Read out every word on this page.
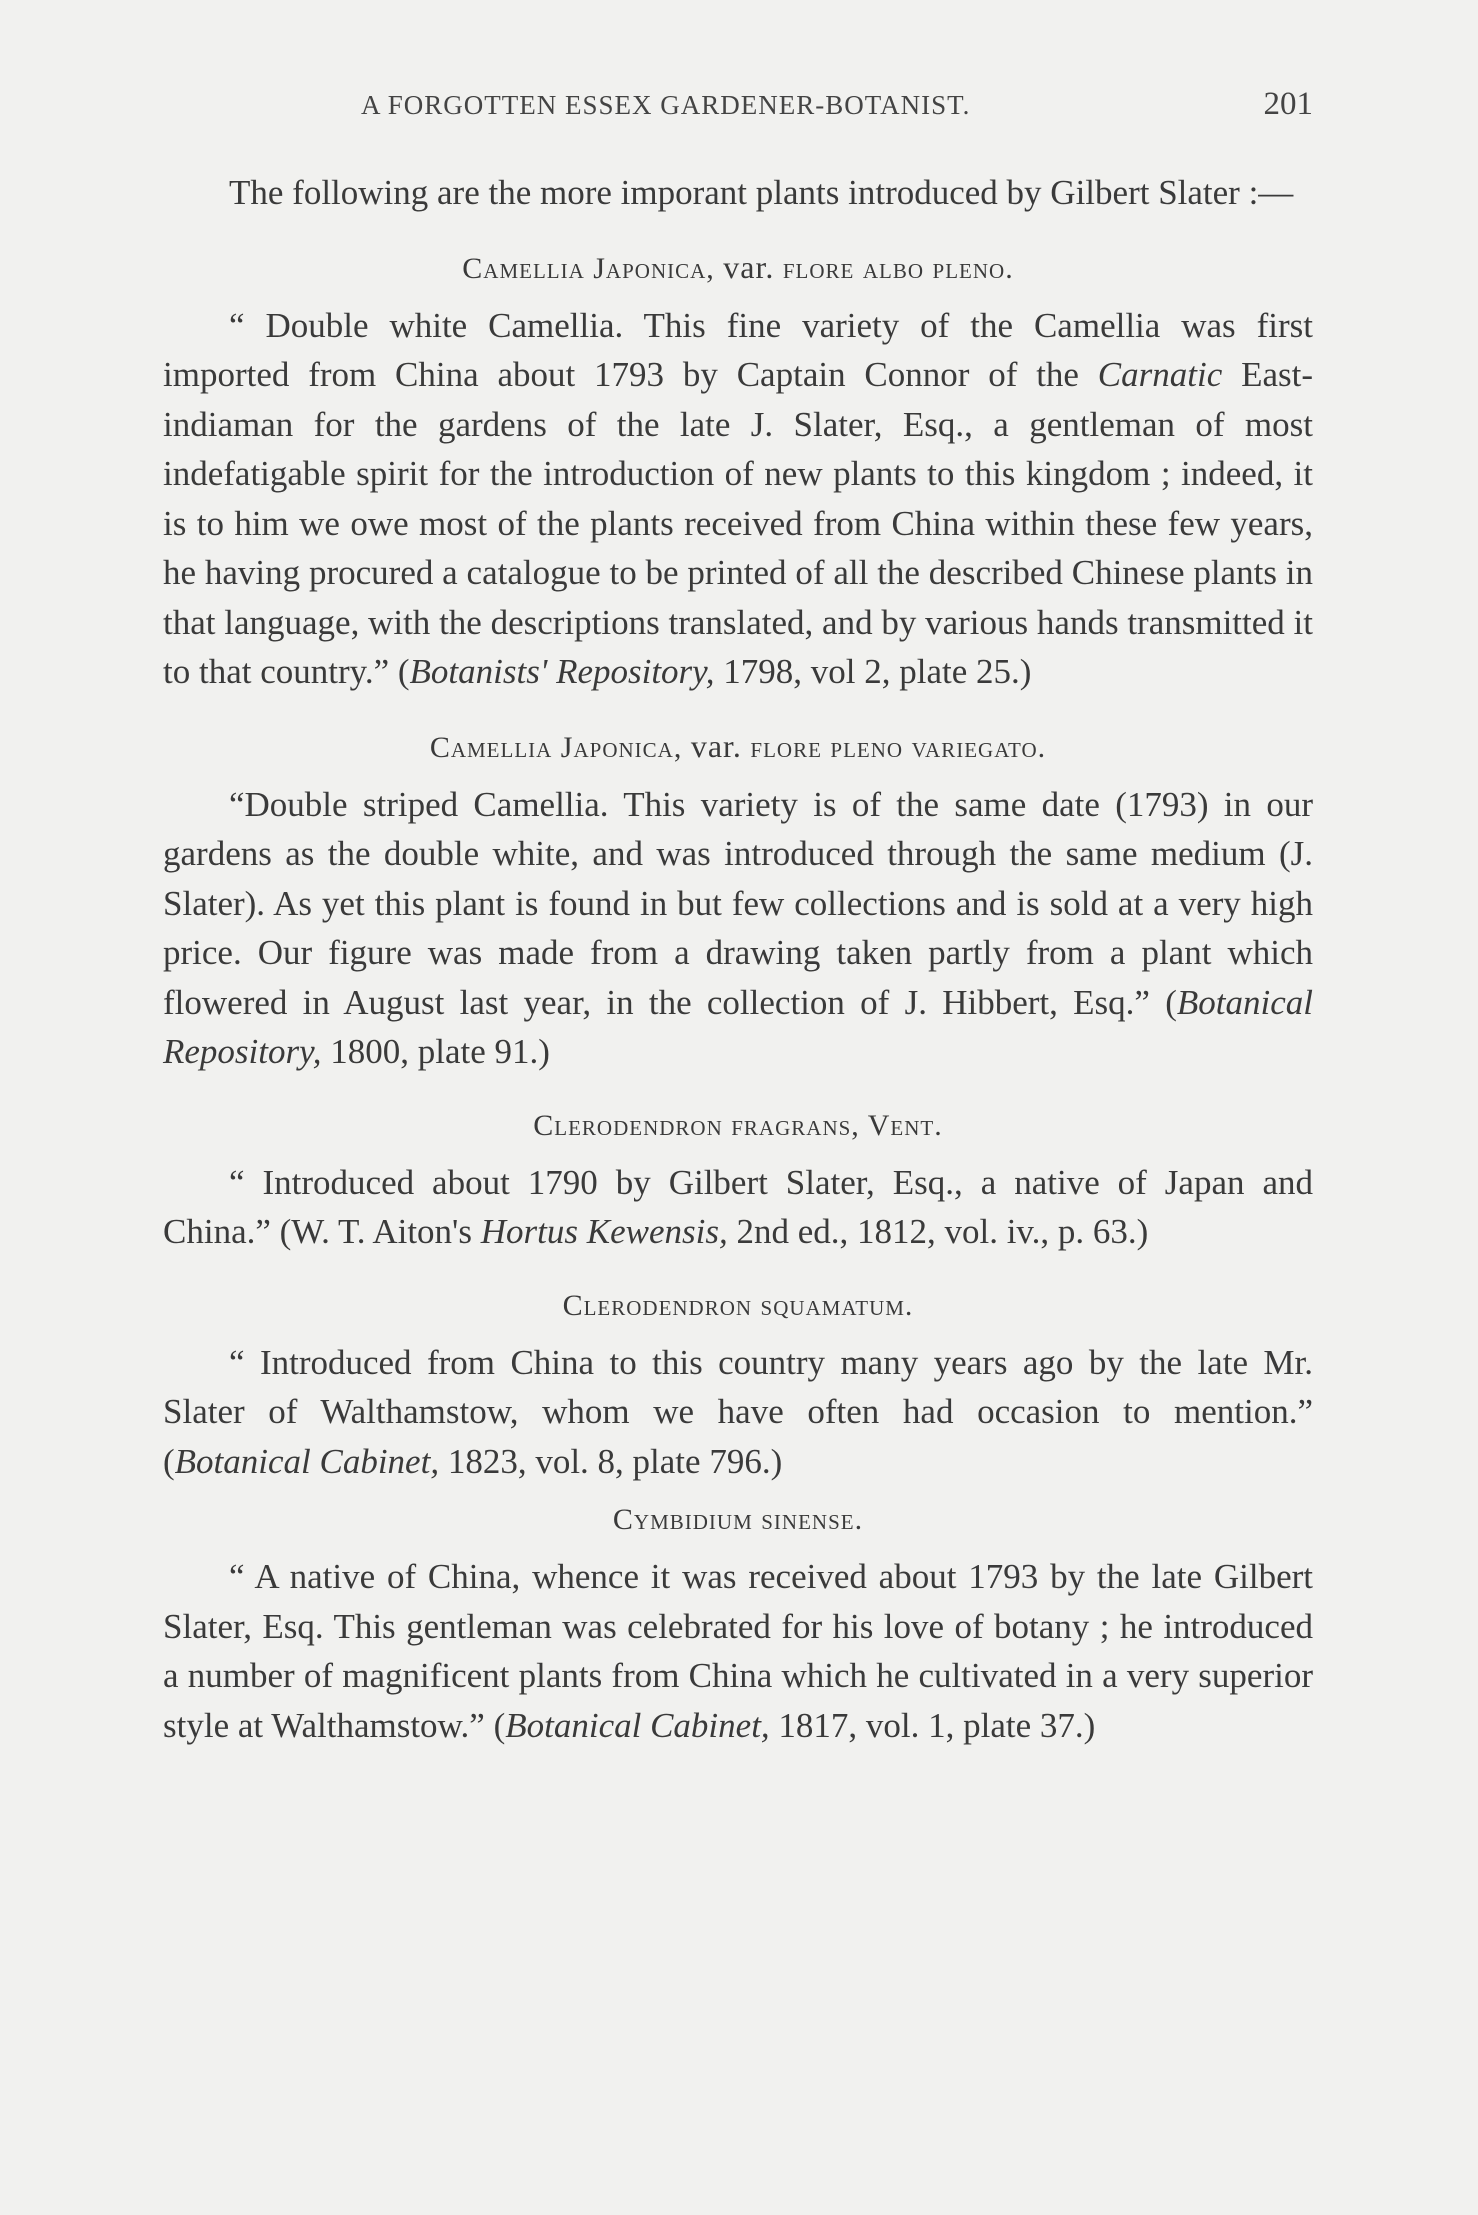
A FORGOTTEN ESSEX GARDENER-BOTANIST.	201

The following are the more imporant plants introduced by Gilbert Slater :—

Camellia Japonica, var. flore albo pleno.

“ Double white Camellia. This fine variety of the Camellia was first imported from China about 1793 by Captain Connor of the Carnatic East-indiaman for the gardens of the late J. Slater, Esq., a gentleman of most indefatigable spirit for the introduction of new plants to this kingdom ; indeed, it is to him we owe most of the plants received from China within these few years, he having procured a catalogue to be printed of all the described Chinese plants in that language, with the descriptions translated, and by various hands transmitted it to that country.” (Botanists' Repository, 1798, vol 2, plate 25.)

Camellia Japonica, var. flore pleno variegato.

“Double striped Camellia. This variety is of the same date (1793) in our gardens as the double white, and was introduced through the same medium (J. Slater). As yet this plant is found in but few collections and is sold at a very high price. Our figure was made from a drawing taken partly from a plant which flowered in August last year, in the collection of J. Hibbert, Esq.” (Botanical Repository, 1800, plate 91.)

Clerodendron fragrans, Vent.

“ Introduced about 1790 by Gilbert Slater, Esq., a native of Japan and China.” (W. T. Aiton's Hortus Kewensis, 2nd ed., 1812, vol. iv., p. 63.)

Clerodendron squamatum.

“ Introduced from China to this country many years ago by the late Mr. Slater of Walthamstow, whom we have often had occasion to mention.” (Botanical Cabinet, 1823, vol. 8, plate 796.)

Cymbidium sinense.

“ A native of China, whence it was received about 1793 by the late Gilbert Slater, Esq. This gentleman was celebrated for his love of botany ; he introduced a number of magnificent plants from China which he cultivated in a very superior style at Walthamstow.” (Botanical Cabinet, 1817, vol. 1, plate 37.)
